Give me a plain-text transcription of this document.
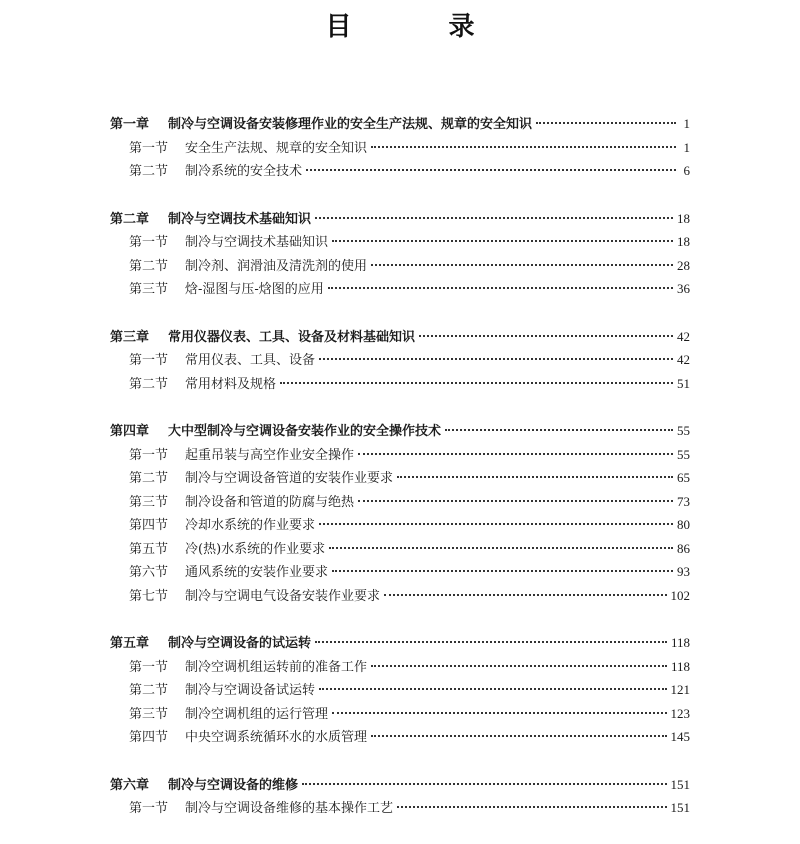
目 录
第一章	制冷与空调设备安装修理作业的安全生产法规、规章的安全知识	1
第一节	安全生产法规、规章的安全知识	1
第二节	制冷系统的安全技术	6
第二章	制冷与空调技术基础知识	18
第一节	制冷与空调技术基础知识	18
第二节	制冷剂、润滑油及清洗剂的使用	28
第三节	焓-湿图与压-焓图的应用	36
第三章	常用仪器仪表、工具、设备及材料基础知识	42
第一节	常用仪表、工具、设备	42
第二节	常用材料及规格	51
第四章	大中型制冷与空调设备安装作业的安全操作技术	55
第一节	起重吊装与高空作业安全操作	55
第二节	制冷与空调设备管道的安装作业要求	65
第三节	制冷设备和管道的防腐与绝热	73
第四节	冷却水系统的作业要求	80
第五节	冷(热)水系统的作业要求	86
第六节	通风系统的安装作业要求	93
第七节	制冷与空调电气设备安装作业要求	102
第五章	制冷与空调设备的试运转	118
第一节	制冷空调机组运转前的准备工作	118
第二节	制冷与空调设备试运转	121
第三节	制冷空调机组的运行管理	123
第四节	中央空调系统循环水的水质管理	145
第六章	制冷与空调设备的维修	151
第一节	制冷与空调设备维修的基本操作工艺	151
